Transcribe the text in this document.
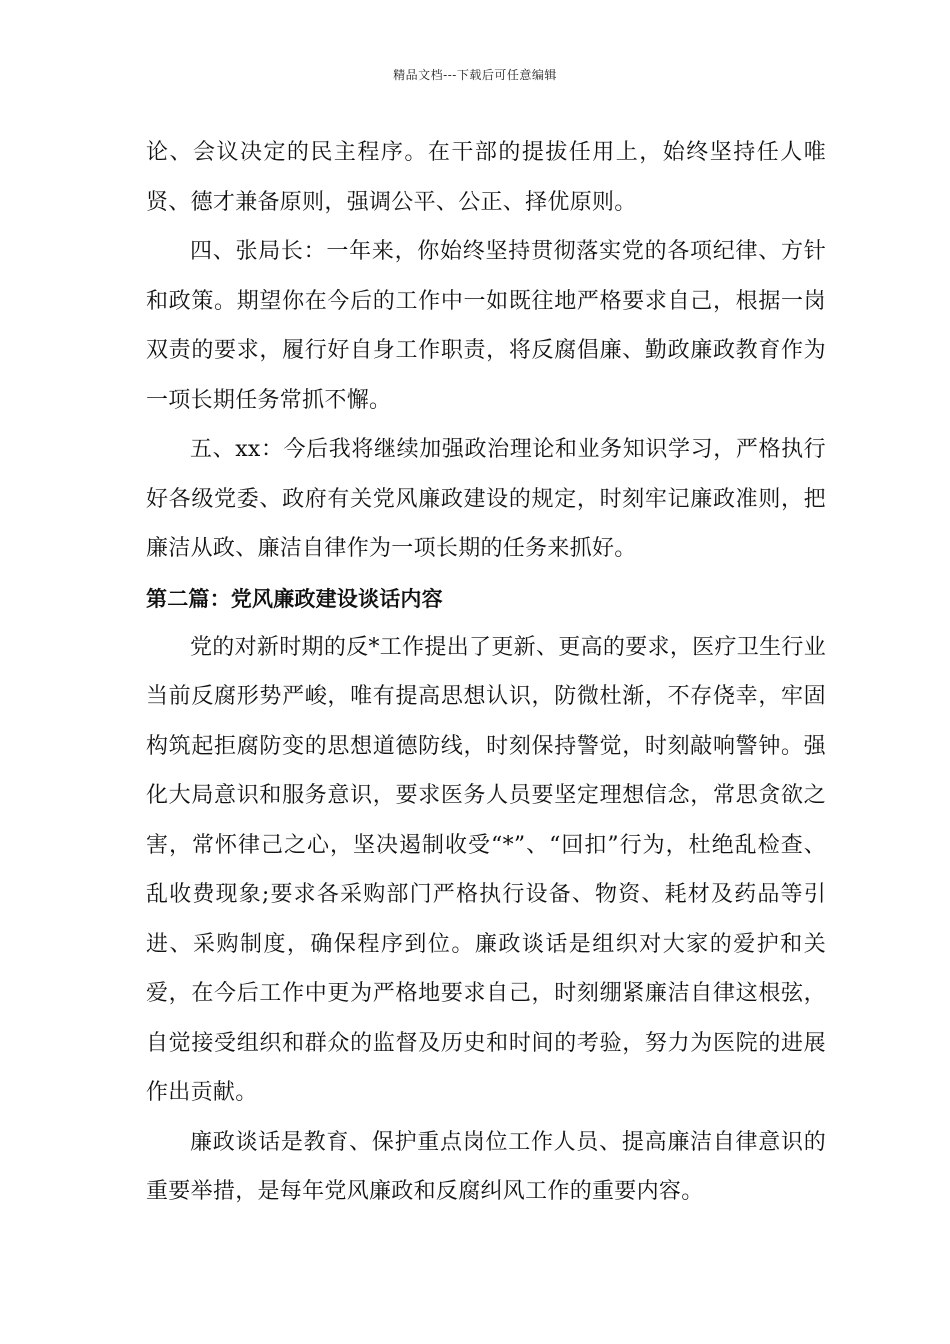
精品文档---下载后可任意编辑

论、会议决定的民主程序。在干部的提拔任用上，始终坚持任人唯贤、德才兼备原则，强调公平、公正、择优原则。

四、张局长：一年来，你始终坚持贯彻落实党的各项纪律、方针和政策。期望你在今后的工作中一如既往地严格要求自己，根据一岗双责的要求，履行好自身工作职责，将反腐倡廉、勤政廉政教育作为一项长期任务常抓不懈。

五、xx：今后我将继续加强政治理论和业务知识学习，严格执行好各级党委、政府有关党风廉政建设的规定，时刻牢记廉政准则，把廉洁从政、廉洁自律作为一项长期的任务来抓好。

第二篇：党风廉政建设谈话内容

党的对新时期的反*工作提出了更新、更高的要求，医疗卫生行业当前反腐形势严峻，唯有提高思想认识，防微杜渐，不存侥幸，牢固构筑起拒腐防变的思想道德防线，时刻保持警觉，时刻敲响警钟。强化大局意识和服务意识，要求医务人员要坚定理想信念，常思贪欲之害，常怀律己之心，坚决遏制收受“*”、“回扣”行为，杜绝乱检查、乱收费现象;要求各采购部门严格执行设备、物资、耗材及药品等引进、采购制度，确保程序到位。廉政谈话是组织对大家的爱护和关爱，在今后工作中更为严格地要求自己，时刻绷紧廉洁自律这根弦，自觉接受组织和群众的监督及历史和时间的考验，努力为医院的进展作出贡献。

廉政谈话是教育、保护重点岗位工作人员、提高廉洁自律意识的重要举措，是每年党风廉政和反腐纠风工作的重要内容。
